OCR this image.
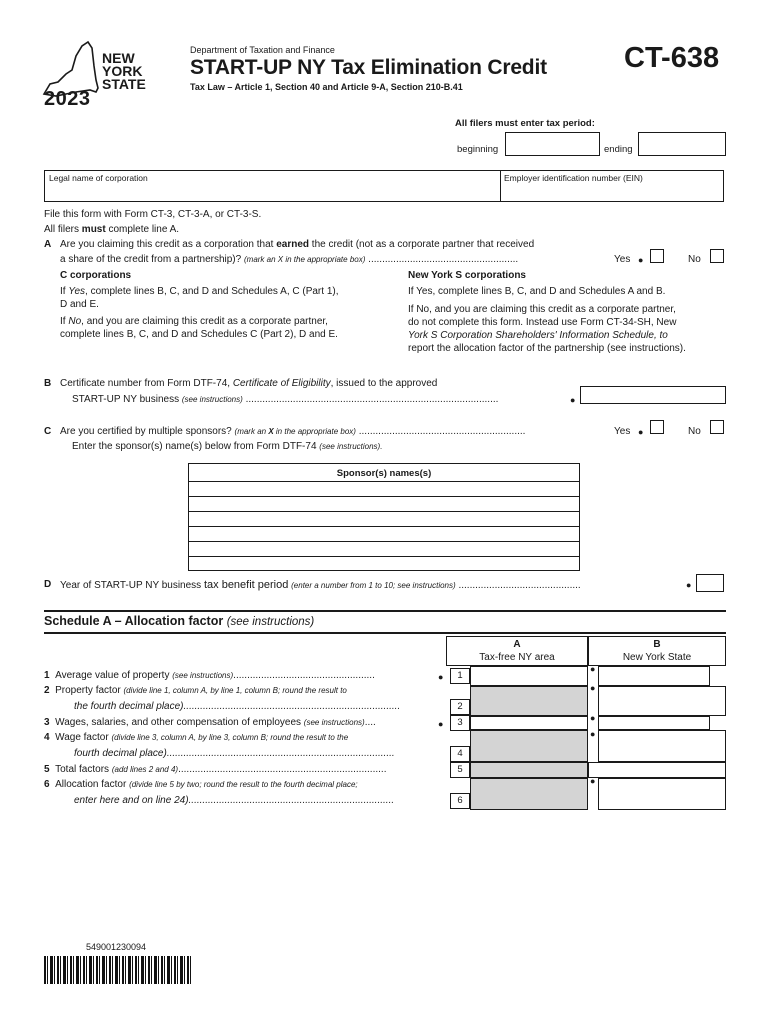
NEW
YORK
STATE
2023
Department of Taxation and Finance
START-UP NY Tax Elimination Credit
Tax Law – Article 1, Section 40 and Article 9-A, Section 210-B.41
CT-638
All filers must enter tax period:
beginning	ending
Legal name of corporation	Employer identification number (EIN)
File this form with Form CT-3, CT-3-A, or CT-3-S.
All filers must complete line A.
A Are you claiming this credit as a corporation that earned the credit (not as a corporate partner that received
a share of the credit from a partnership)? (mark an X in the appropriate box) ......................................................	Yes ●	No
C corporations
If Yes, complete lines B, C, and D and Schedules A, C (Part 1),
D and E.
If No, and you are claiming this credit as a corporate partner,
complete lines B, C, and D and Schedules C (Part 2), D and E.
New York S corporations
If Yes, complete lines B, C, and D and Schedules A and B.
If No, and you are claiming this credit as a corporate partner,
do not complete this form. Instead use Form CT-34-SH, New
York S Corporation Shareholders' Information Schedule, to
report the allocation factor of the partnership (see instructions).
B Certificate number from Form DTF-74, Certificate of Eligibility, issued to the approved
START-UP NY business (see instructions) ...........................................................................................	●
C Are you certified by multiple sponsors? (mark an X in the appropriate box) ............................................................	Yes ●	No
Enter the sponsor(s) name(s) below from Form DTF-74 (see instructions).
Sponsor(s) names(s)
D Year of START-UP NY business tax benefit period (enter a number from 1 to 10; see instructions) ............................................	●
Schedule A – Allocation factor (see instructions)
A
Tax-free NY area
B
New York State
1 Average value of property (see instructions)...................................................	●	1
●
2 Property factor (divide line 1, column A, by line 1, column B; round the result to
the fourth decimal place)..............................................................................	2
●
3 Wages, salaries, and other compensation of employees (see instructions)....	●	3	●
4 Wage factor (divide line 3, column A, by line 3, column B; round the result to the
fourth decimal place)..................................................................................	4
●
5 Total factors (add lines 2 and 4)...........................................................................	5
6 Allocation factor (divide line 5 by two; round the result to the fourth decimal place;
enter here and on line 24)..........................................................................	6
●
549001230094
